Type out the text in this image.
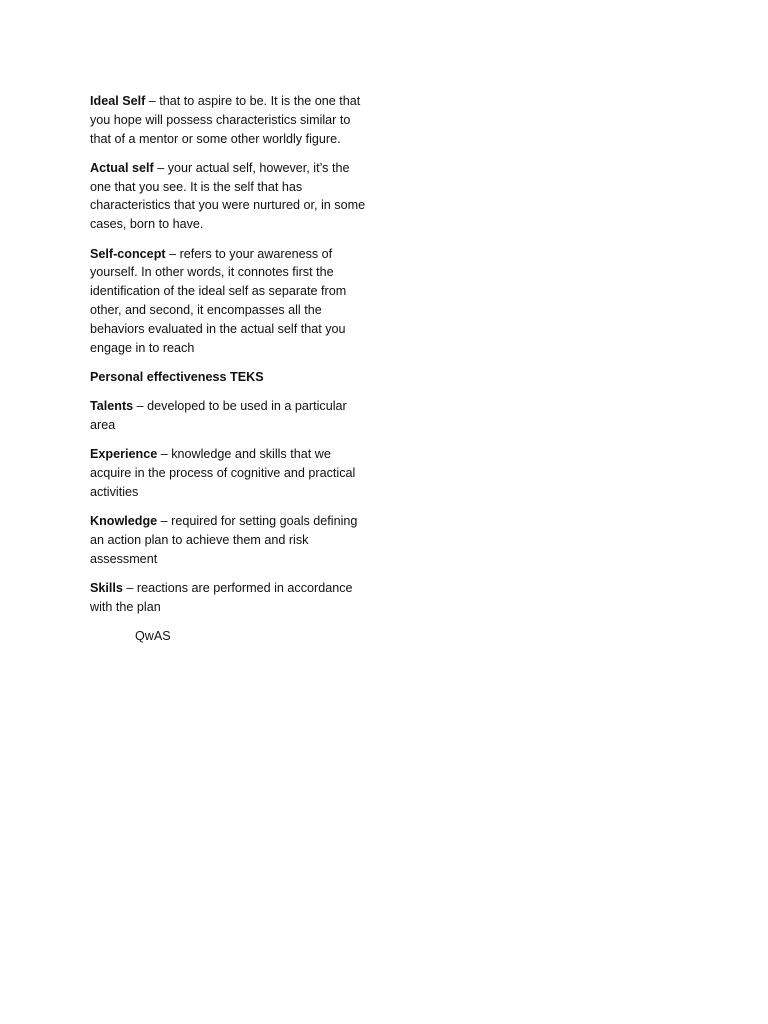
Ideal Self – that to aspire to be. It is the one that you hope will possess characteristics similar to that of a mentor or some other worldly figure.

Actual self – your actual self, however, it’s the one that you see. It is the self that has characteristics that you were nurtured or, in some cases, born to have.

Self-concept – refers to your awareness of yourself. In other words, it connotes first the identification of the ideal self as separate from other, and second, it encompasses all the behaviors evaluated in the actual self that you engage in to reach

Personal effectiveness TEKS

Talents – developed to be used in a particular area

Experience – knowledge and skills that we acquire in the process of cognitive and practical activities

Knowledge – required for setting goals defining an action plan to achieve them and risk assessment

Skills – reactions are performed in accordance with the plan

QwAS
